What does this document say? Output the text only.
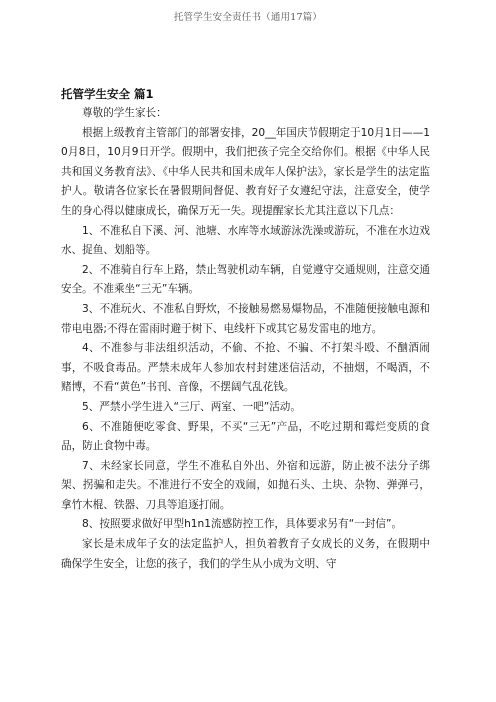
托管学生安全责任书（通用17篇）
托管学生安全 篇1

尊敬的学生家长：

根据上级教育主管部门的部署安排，20__年国庆节假期定于10月1日——10月8日，10月9日开学。假期中，我们把孩子完全交给你们。根据《中华人民共和国义务教育法》、《中华人民共和国未成年人保护法》，家长是学生的法定监护人。敬请各位家长在暑假期间督促、教育好子女遵纪守法，注意安全，使学生的身心得以健康成长，确保万无一失。现提醒家长尤其注意以下几点：

1、不准私自下溪、河、池塘、水库等水域游泳洗澡或游玩，不准在水边戏水、捉鱼、划船等。

2、不准骑自行车上路，禁止驾驶机动车辆，自觉遵守交通规则，注意交通安全。不准乘坐“三无”车辆。

3、不准玩火、不准私自野炊，不接触易燃易爆物品，不准随便接触电源和带电电器;不得在雷雨时避于树下、电线杆下或其它易发雷电的地方。

4、不准参与非法组织活动，不偷、不抢、不骗、不打架斗殴、不酗酒闹事，不吸食毒品。严禁未成年人参加农村封建迷信活动，不抽烟，不喝酒，不赌博，不看“黄色”书刊、音像，不摆阔气乱花钱。

5、严禁小学生进入“三厅、两室、一吧”活动。

6、不准随便吃零食、野果，不买“三无”产品，不吃过期和霉烂变质的食品，防止食物中毒。

7、未经家长同意，学生不准私自外出、外宿和远游，防止被不法分子绑架、拐骗和走失。不准进行不安全的戏闹，如抛石头、土块、杂物、弹弹弓，拿竹木棍、铁器、刀具等追逐打闹。

8、按照要求做好甲型h1n1流感防控工作，具体要求另有“一封信”。

家长是未成年子女的法定监护人，担负着教育子女成长的义务，在假期中确保学生安全，让您的孩子，我们的学生从小成为文明、守
